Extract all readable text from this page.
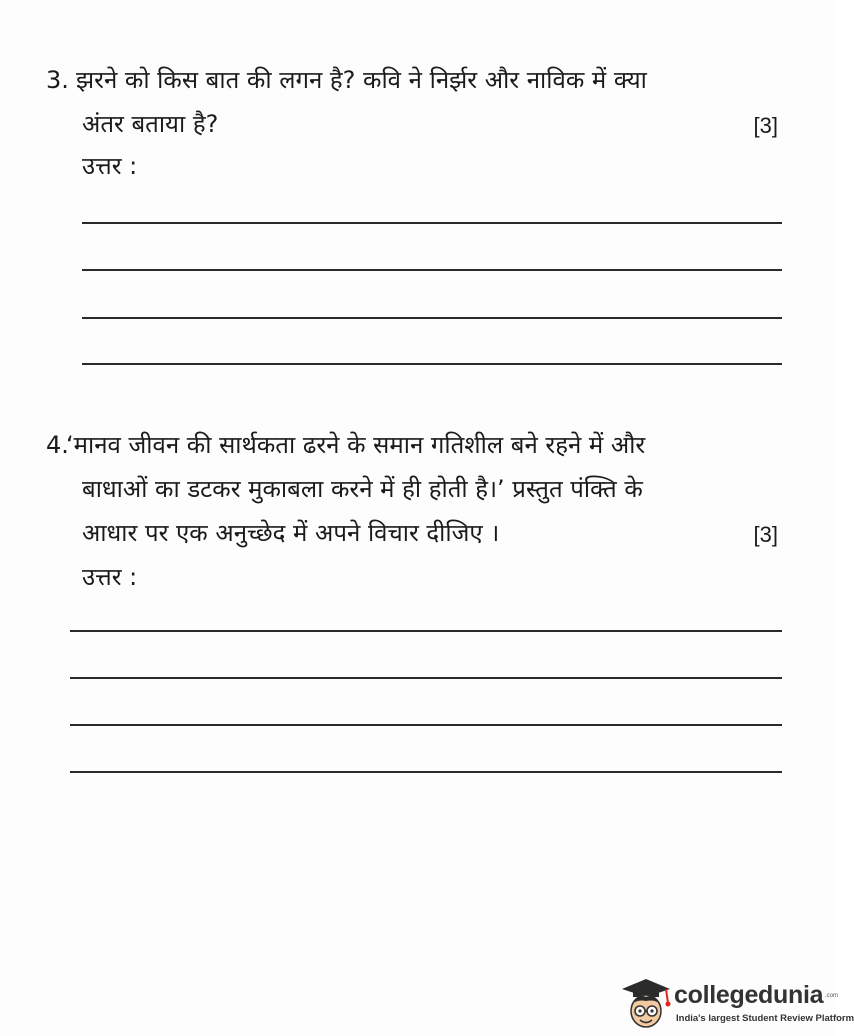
3. झरने को किस बात की लगन है? कवि ने निर्झर और नाविक में क्या
अंतर बताया है?	[3]
उत्तर :
4.
‘मानव जीवन की सार्थकता ढरने के समान गतिशील बने रहने में और
बाधाओं का डटकर मुकाबला करने में ही होती है।’ प्रस्तुत पंक्ति के
आधार पर एक अनुच्छेद में अपने विचार दीजिए ।	[3]
उत्तर :
collegedunia .com
India's largest Student Review Platform
